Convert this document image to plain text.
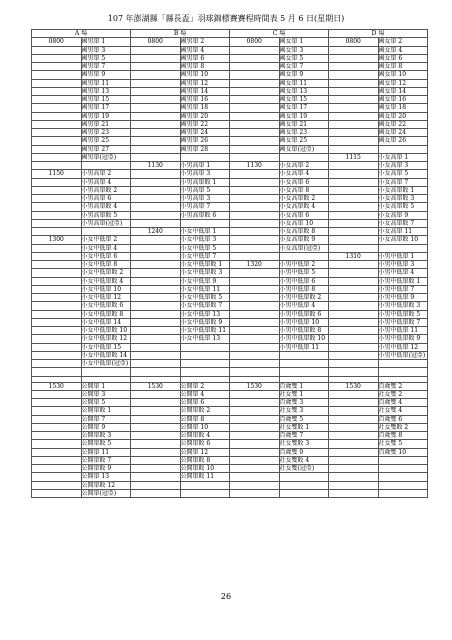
107 年澎湖縣「縣長盃」羽球錦標賽賽程時間表 5 月 6 日(星期日)
A 場		B 場		C 場		D 場	
0800	國男單 1	0800	國男單 2	0800	國女單 1	0800	國女單 2
	國男單 3		國男單 4		國女單 3		國女單 4
	國男單 5		國男單 6		國女單 5		國女單 6
	國男單 7		國男單 8		國女單 7		國女單 8
	國男單 9		國男單 10		國女單 9		國女單 10
	國男單 11		國男單 12		國女單 11		國女單 12
	國男單 13		國男單 14		國女單 13		國女單 14
	國男單 15		國男單 16		國女單 15		國女單 16
	國男單 17		國男單 18		國女單 17		國女單 18
	國男單 19		國男單 20		國女單 19		國女單 20
	國男單 21		國男單 22		國女單 21		國女單 22
	國男單 23		國男單 24		國女單 23		國女單 24
	國男單 25		國男單 26		國女單 25		國女單 26
	國男單 27		國男單 28		國女單(冠亞)		
	國男單(冠亞)					1115	小女高單 1
		1130	小男高單 1	1130	小女高單 2		小女高單 3
1150	小男高單 2		小男高單 3		小女高單 4		小女高單 5
	小男高單 4		小男高單敗 1		小女高單 6		小女高單 7
	小男高單敗 2		小男高單 5		小女高單 8		小女高單敗 1
	小男高單 6		小男高單 3		小女高單敗 2		小女高單敗 3
	小男高單敗 4		小男高單 7		小女高單敗 4		小女高單敗 5
	小男高單敗 5		小男高單敗 6		小女高單 6		小女高單 9
	小男高單(冠亞)				小女高單 10		小女高單敗 7
		1240	小女中低單 1		小女高單敗 8		小女高單 11
1300	小女中低單 2		小女中低單 3		小女高單敗 9		小女高單敗 10
	小女中低單 4		小女中低單 5		小女高單(冠亞)		
	小女中低單 6		小女中低單 7			1310	小男中低單 1
	小女中低單 8		小女中低單敗 1	1320	小男中低單 2		小男中低單 3
	小女中低單敗 2		小女中低單敗 3		小男中低單 5		小男中低單 4
	小女中低單敗 4		小女中低單 9		小男中低單 6		小男中低單敗 1
	小女中低單 10		小女中低單 11		小男中低單 8		小男中低單 7
	小女中低單 12		小女中低單敗 5		小男中低單敗 2		小男中低單 9
	小女中低單敗 6		小女中低單敗 7		小男中低單 4		小男中低單敗 3
	小女中低單敗 8		小女中低單 13		小男中低單敗 6		小男中低單敗 5
	小女中低單 14		小女中低單敗 9		小男中低單 10		小男中低單敗 7
	小女中低單敗 10		小女中低單敗 11		小男中低單敗 8		小男中低單 11
	小女中低單敗 12		小女中低單 13		小男中低單敗 10		小男中低單敗 9
	小女中低單 15				小男中低單 11		小男中低單 12
	小女中低單敗 14						小男中低單(冠亞)
	小女中低單(冠亞)						

1530	公開單 1	1530	公開單 2	1530	百歲雙 1	1530	百歲雙 2
	公開單 3		公開單 4		社女雙 1		社女雙 2
	公開單 5		公開單 6		百歲雙 3		百歲雙 4
	公開單敗 1		公開單敗 2		社女雙 3		社女雙 4
	公開單 7		公開單 8		百歲雙 5		百歲雙 6
	公開單 9		公開單 10		社女雙敗 1		社女雙敗 2
	公開單敗 3		公開單敗 4		百歲雙 7		百歲雙 8
	公開單敗 5		公開單敗 6		社女雙敗 3		社女雙 5
	公開單 11		公開單 12		百歲雙 9		百歲雙 10
	公開單敗 7		公開單敗 8		社女雙敗 4		
	公開單敗 9		公開單敗 10		社女雙(冠亞)		
	公開單 13		公開單敗 11				
	公開單敗 12						
	公開單(冠亞)						
26
